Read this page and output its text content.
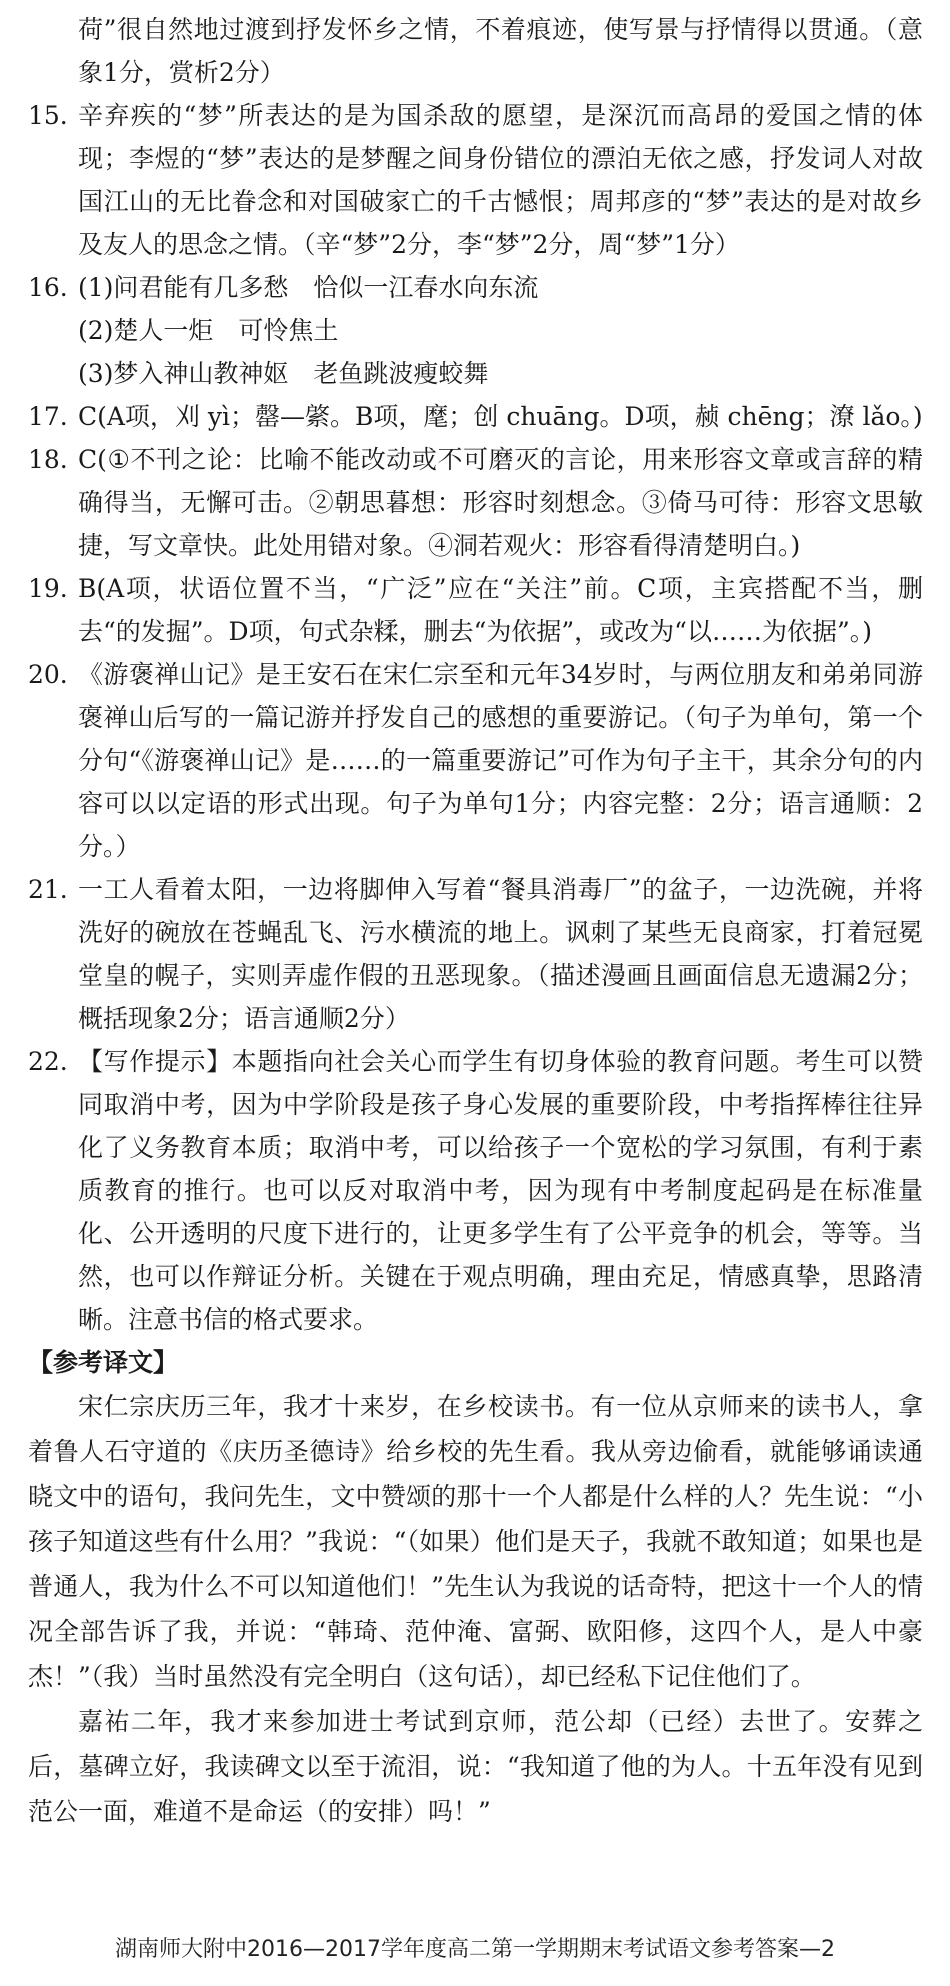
荷”很自然地过渡到抒发怀乡之情，不着痕迹，使写景与抒情得以贯通。（意象1分，赏析2分）
15. 辛弃疾的“梦”所表达的是为国杀敌的愿望，是深沉而高昂的爱国之情的体现；李煜的“梦”表达的是梦醒之间身份错位的漂泊无依之感，抒发词人对故国江山的无比眷念和对国破家亡的千古憾恨；周邦彦的“梦”表达的是对故乡及友人的思念之情。（辛“梦”2分，李“梦”2分，周“梦”1分）
16. (1)问君能有几多愁　恰似一江春水向东流
(2)楚人一炬　可怜焦土
(3)梦入神山教神妪　老鱼跳波瘦蛟舞
17. C(A项，刈 yì；罄—綮。B项，麾；创 chuāng。D项，赪 chēng；潦 lǎo。)
18. C(①不刊之论：比喻不能改动或不可磨灭的言论，用来形容文章或言辞的精确得当，无懈可击。②朝思暮想：形容时刻想念。③倚马可待：形容文思敏捷，写文章快。此处用错对象。④洞若观火：形容看得清楚明白。)
19. B(A项，状语位置不当，“广泛”应在“关注”前。C项，主宾搭配不当，删去“的发掘”。D项，句式杂糅，删去“为依据”，或改为“以……为依据”。)
20. 《游褒禅山记》是王安石在宋仁宗至和元年34岁时，与两位朋友和弟弟同游褒禅山后写的一篇记游并抒发自己的感想的重要游记。（句子为单句，第一个分句“《游褒禅山记》是……的一篇重要游记”可作为句子主干，其余分句的内容可以以定语的形式出现。句子为单句1分；内容完整：2分；语言通顺：2分。）
21. 一工人看着太阳，一边将脚伸入写着“餐具消毒厂”的盆子，一边洗碗，并将洗好的碗放在苍蝇乱飞、污水横流的地上。讽刺了某些无良商家，打着冠冕堂皇的幌子，实则弄虚作假的丑恶现象。（描述漫画且画面信息无遗漏2分；概括现象2分；语言通顺2分）
22. 【写作提示】本题指向社会关心而学生有切身体验的教育问题。考生可以赞同取消中考，因为中学阶段是孩子身心发展的重要阶段，中考指挥棒往往异化了义务教育本质；取消中考，可以给孩子一个宽松的学习氛围，有利于素质教育的推行。也可以反对取消中考，因为现有中考制度起码是在标准量化、公开透明的尺度下进行的，让更多学生有了公平竞争的机会，等等。当然，也可以作辩证分析。关键在于观点明确，理由充足，情感真挚，思路清晰。注意书信的格式要求。
【参考译文】
宋仁宗庆历三年，我才十来岁，在乡校读书。有一位从京师来的读书人，拿着鲁人石守道的《庆历圣德诗》给乡校的先生看。我从旁边偷看，就能够诵读通晓文中的语句，我问先生，文中赞颂的那十一个人都是什么样的人？先生说：“小孩子知道这些有什么用？”我说：“（如果）他们是天子，我就不敢知道；如果也是普通人，我为什么不可以知道他们！”先生认为我说的话奇特，把这十一个人的情况全部告诉了我，并说：“韩琦、范仲淹、富弼、欧阳修，这四个人，是人中豪杰！”（我）当时虽然没有完全明白（这句话），却已经私下记住他们了。
嘉祐二年，我才来参加进士考试到京师，范公却（已经）去世了。安葬之后，墓碑立好，我读碑文以至于流泪，说：“我知道了他的为人。十五年没有见到范公一面，难道不是命运（的安排）吗！”
湖南师大附中2016—2017学年度高二第一学期期末考试语文参考答案—2
